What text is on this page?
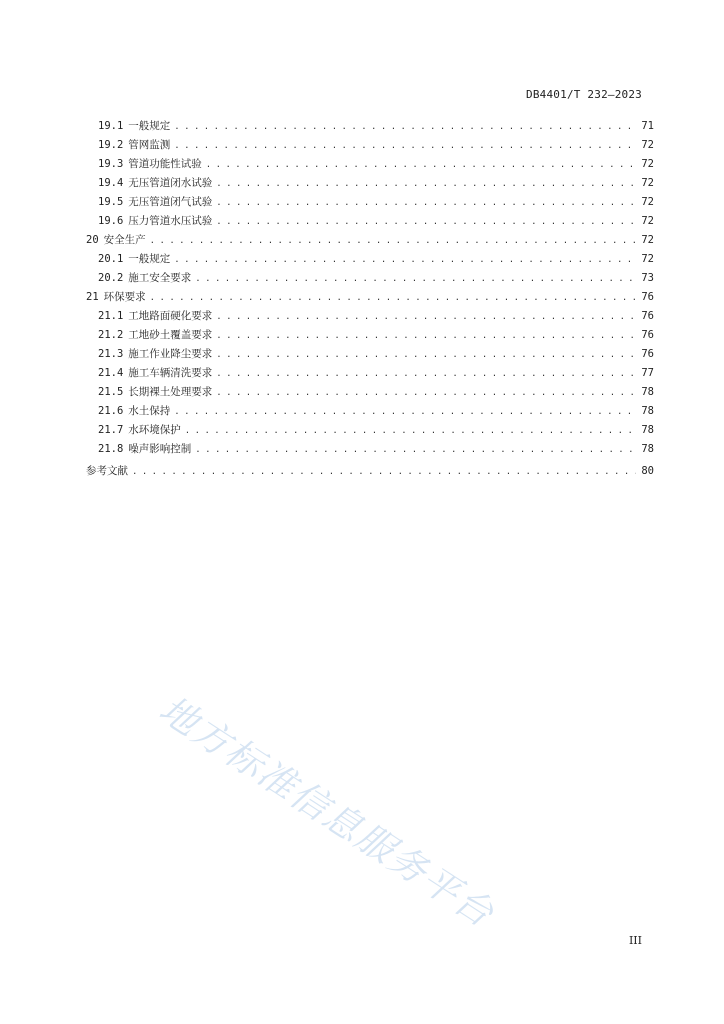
DB4401/T 232—2023
19.1 一般规定 . . .	71
19.2 管网监测 . . .	72
19.3 管道功能性试验 . . .	72
19.4 无压管道闭水试验 . . .	72
19.5 无压管道闭气试验 . . .	72
19.6 压力管道水压试验 . . .	72
20 安全生产 . . .	72
20.1 一般规定 . . .	72
20.2 施工安全要求 . . .	73
21 环保要求 . . .	76
21.1 工地路面硬化要求 . . .	76
21.2 工地砂土覆盖要求 . . .	76
21.3 施工作业降尘要求 . . .	76
21.4 施工车辆清洗要求 . . .	77
21.5 长期裸土处理要求 . . .	78
21.6 水土保持 . . .	78
21.7 水环境保护 . . .	78
21.8 噪声影响控制 . . .	78
参考文献 . . .	80
地方标准信息服务平台
III
